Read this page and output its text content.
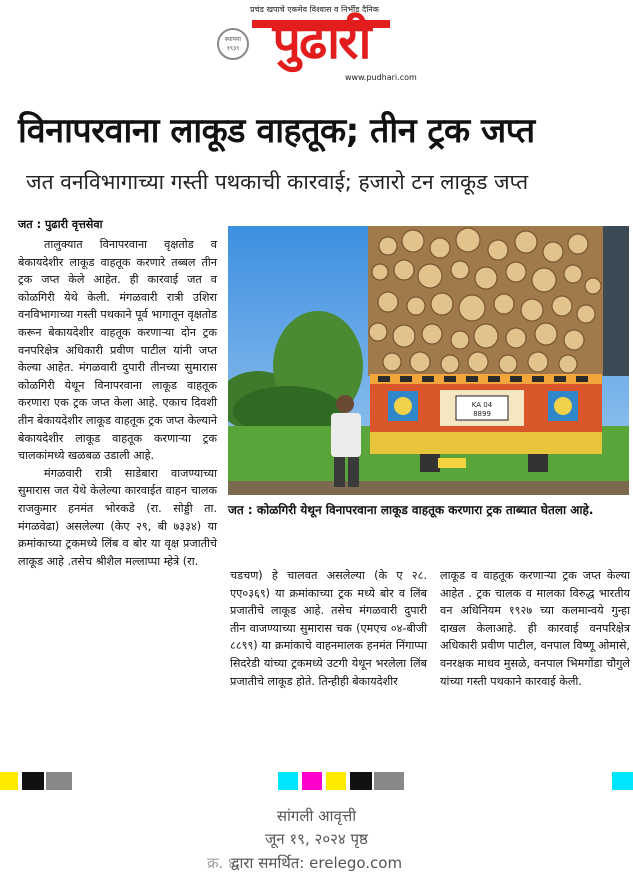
प्रचंड खपाचे एकमेव विश्वास व निर्भीड दैनिक
स्थापना १९३९ पुढारी
www.pudhari.com
विनापरवाना लाकूड वाहतूक; तीन ट्रक जप्त
जत वनविभागाच्या गस्ती पथकाची कारवाई; हजारो टन लाकूड जप्त
जत : पुढारी वृत्तसेवा

तालुक्यात विनापरवाना वृक्षतोड व बेकायदेशीर लाकूड वाहतूक करणारे तब्बल तीन ट्रक जप्त केले आहेत. ही कारवाई जत व कोळगिरी येथे केली. मंगळवारी रात्री उशिरा वनविभागाच्या गस्ती पथकाने पूर्व भागातून वृक्षतोड करून बेकायदेशीर वाहतूक करणाऱ्या दोन ट्रक वनपरिक्षेत्र अधिकारी प्रवीण पाटील यांनी जप्त केल्या आहेत. मंगळवारी दुपारी तीनच्या सुमारास कोळगिरी येथून विनापरवाना लाकूड वाहतूक करणारा एक ट्रक जप्त केला आहे. एकाच दिवशी तीन बेकायदेशीर लाकूड वाहतूक ट्रक जप्त केल्याने बेकायदेशीर लाकूड वाहतूक करणाऱ्या ट्रक चालकांमध्ये खळबळ उडाली आहे.

मंगळवारी रात्री साडेबारा वाजण्याच्या सुमारास जत येथे केलेल्या कारवाईत वाहन चालक राजकुमार हनमंत भोरकडे (रा. सोड्डी ता. मंगळवेढा) असलेल्या (केए २९, बी ७३३४) या क्रमांकाच्या ट्रकमध्ये लिंब व बोर या वृक्ष प्रजातीचे लाकूड आहे .तसेच श्रीशैल मल्लाप्पा म्हेत्रे (रा.

KA 04
8899
जत : कोळगिरी येथून विनापरवाना लाकूड वाहतूक करणारा ट्रक ताब्यात घेतला आहे.

चडचण) हे चालवत असलेल्या (के ए २८. एए०३६९) या क्रमांकाच्या ट्रक मध्ये बोर व लिंब प्रजातीचे लाकूड आहे. तसेच मंगळवारी दुपारी तीन वाजण्याच्या सुमारास चक (एमएच ०४-बीजी ८८९९) या क्रमांकाचे वाहनमालक हनमंत निंगाप्पा सिदरेडी यांच्या ट्रकमध्ये उटगी येथून भरलेला लिंब प्रजातीचे लाकूड होते. तिन्हीही बेकायदेशीर

लाकूड व वाहतूक करणाऱ्या ट्रक जप्त केल्या आहेत . ट्रक चालक व मालका विरुद्ध भारतीय वन अधिनियम १९२७ च्या कलमान्वये गुन्हा दाखल केलाआहे. ही कारवाई वनपरिक्षेत्र अधिकारी प्रवीण पाटील, वनपाल विष्णू ओमासे, वनरक्षक माधव मुसळे, वनपाल भिमगोंडा चौगुले यांच्या गस्ती पथकाने कारवाई केली.

सांगली आवृत्ती
जून १९, २०२४ पृष्ठ
द्वारा समर्थित: erelego.com
क्र. ४
